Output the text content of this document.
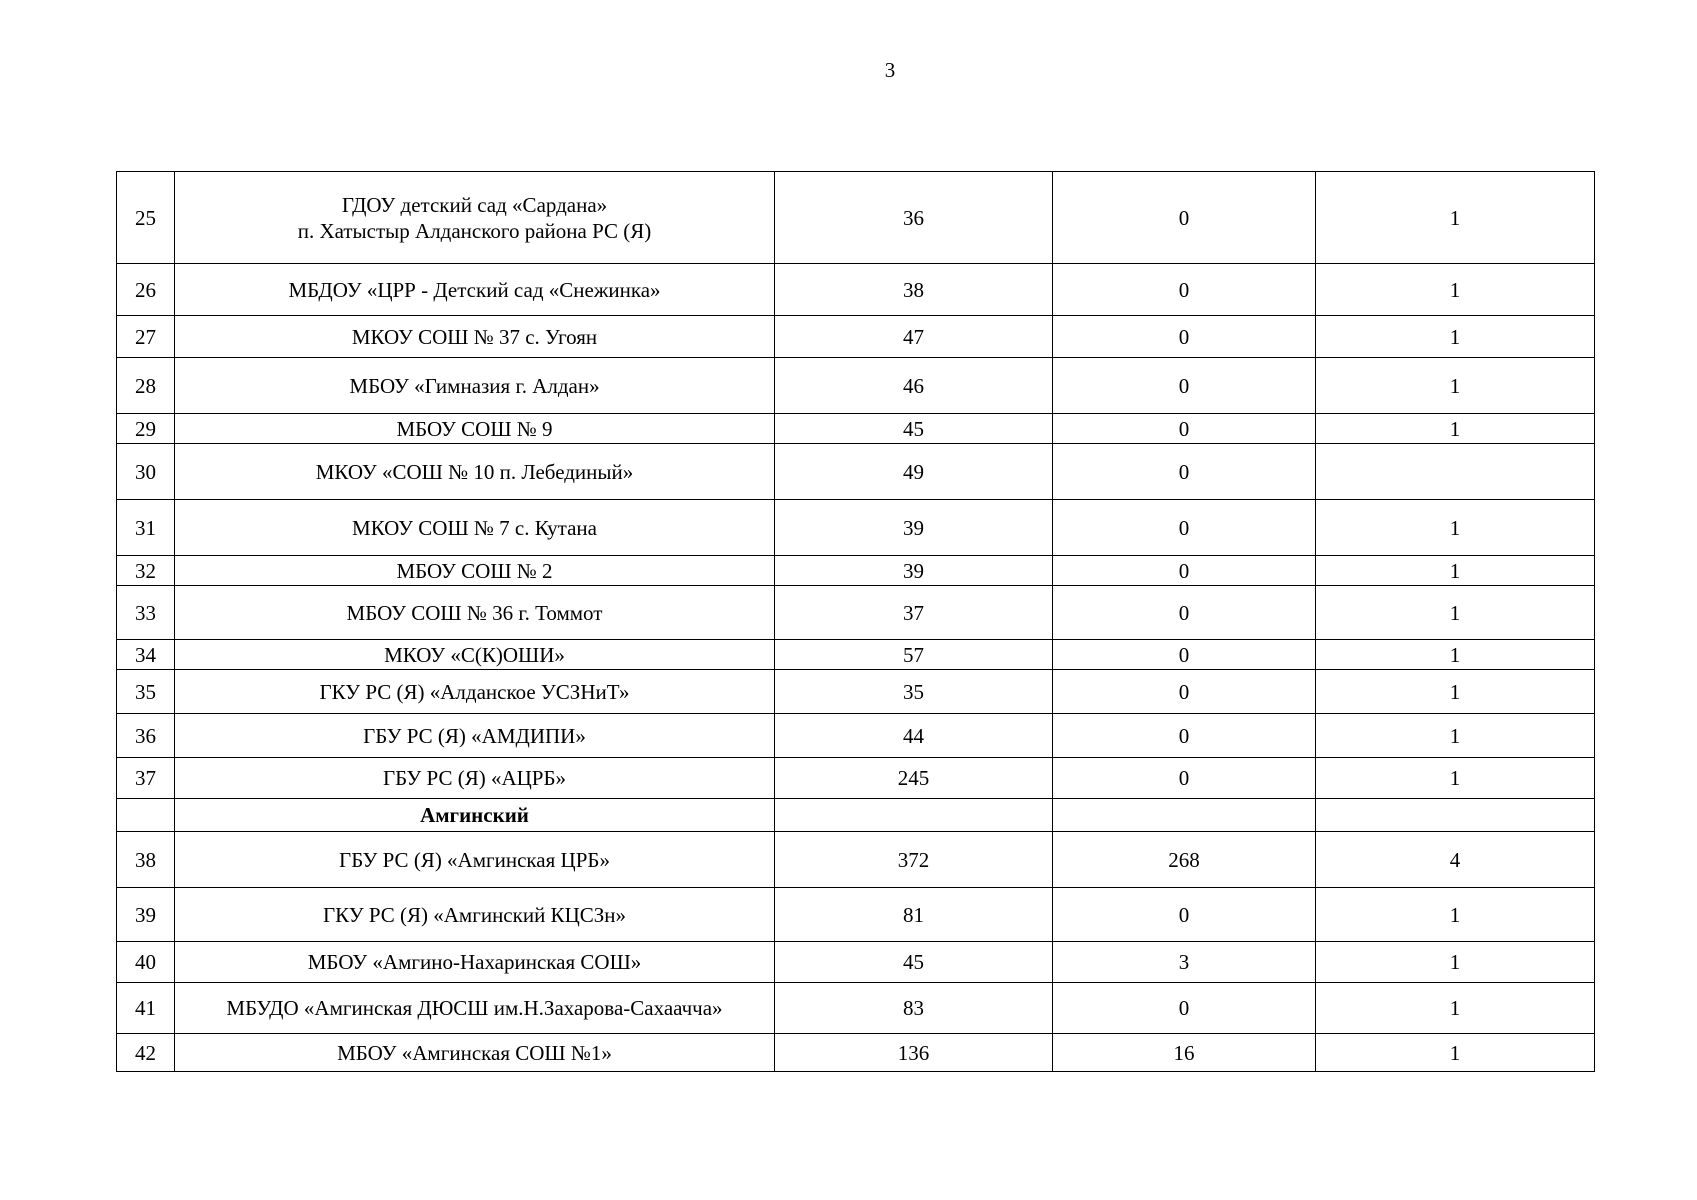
3
25	ГДОУ детский сад «Сардана»
п. Хатыстыр Алданского района РС (Я)	36	0	1
26	МБДОУ «ЦРР - Детский сад «Снежинка»	38	0	1
27	МКОУ СОШ № 37 с. Угоян	47	0	1
28	МБОУ «Гимназия г. Алдан»	46	0	1
29	МБОУ СОШ № 9	45	0	1
30	МКОУ «СОШ № 10 п. Лебединый»	49	0	
31	МКОУ СОШ № 7 с. Кутана	39	0	1
32	МБОУ СОШ № 2	39	0	1
33	МБОУ СОШ № 36 г. Томмот	37	0	1
34	МКОУ «С(К)ОШИ»	57	0	1
35	ГКУ РС (Я) «Алданское УСЗНиТ»	35	0	1
36	ГБУ РС (Я) «АМДИПИ»	44	0	1
37	ГБУ РС (Я) «АЦРБ»	245	0	1

	Амгинский			

38	ГБУ РС (Я) «Амгинская ЦРБ»	372	268	4
39	ГКУ РС (Я) «Амгинский КЦСЗн»	81	0	1
40	МБОУ «Амгино-Нахаринская СОШ»	45	3	1
41	МБУДО «Амгинская ДЮСШ им.Н.Захарова-Сахаачча»	83	0	1
42	МБОУ «Амгинская СОШ №1»	136	16	1
